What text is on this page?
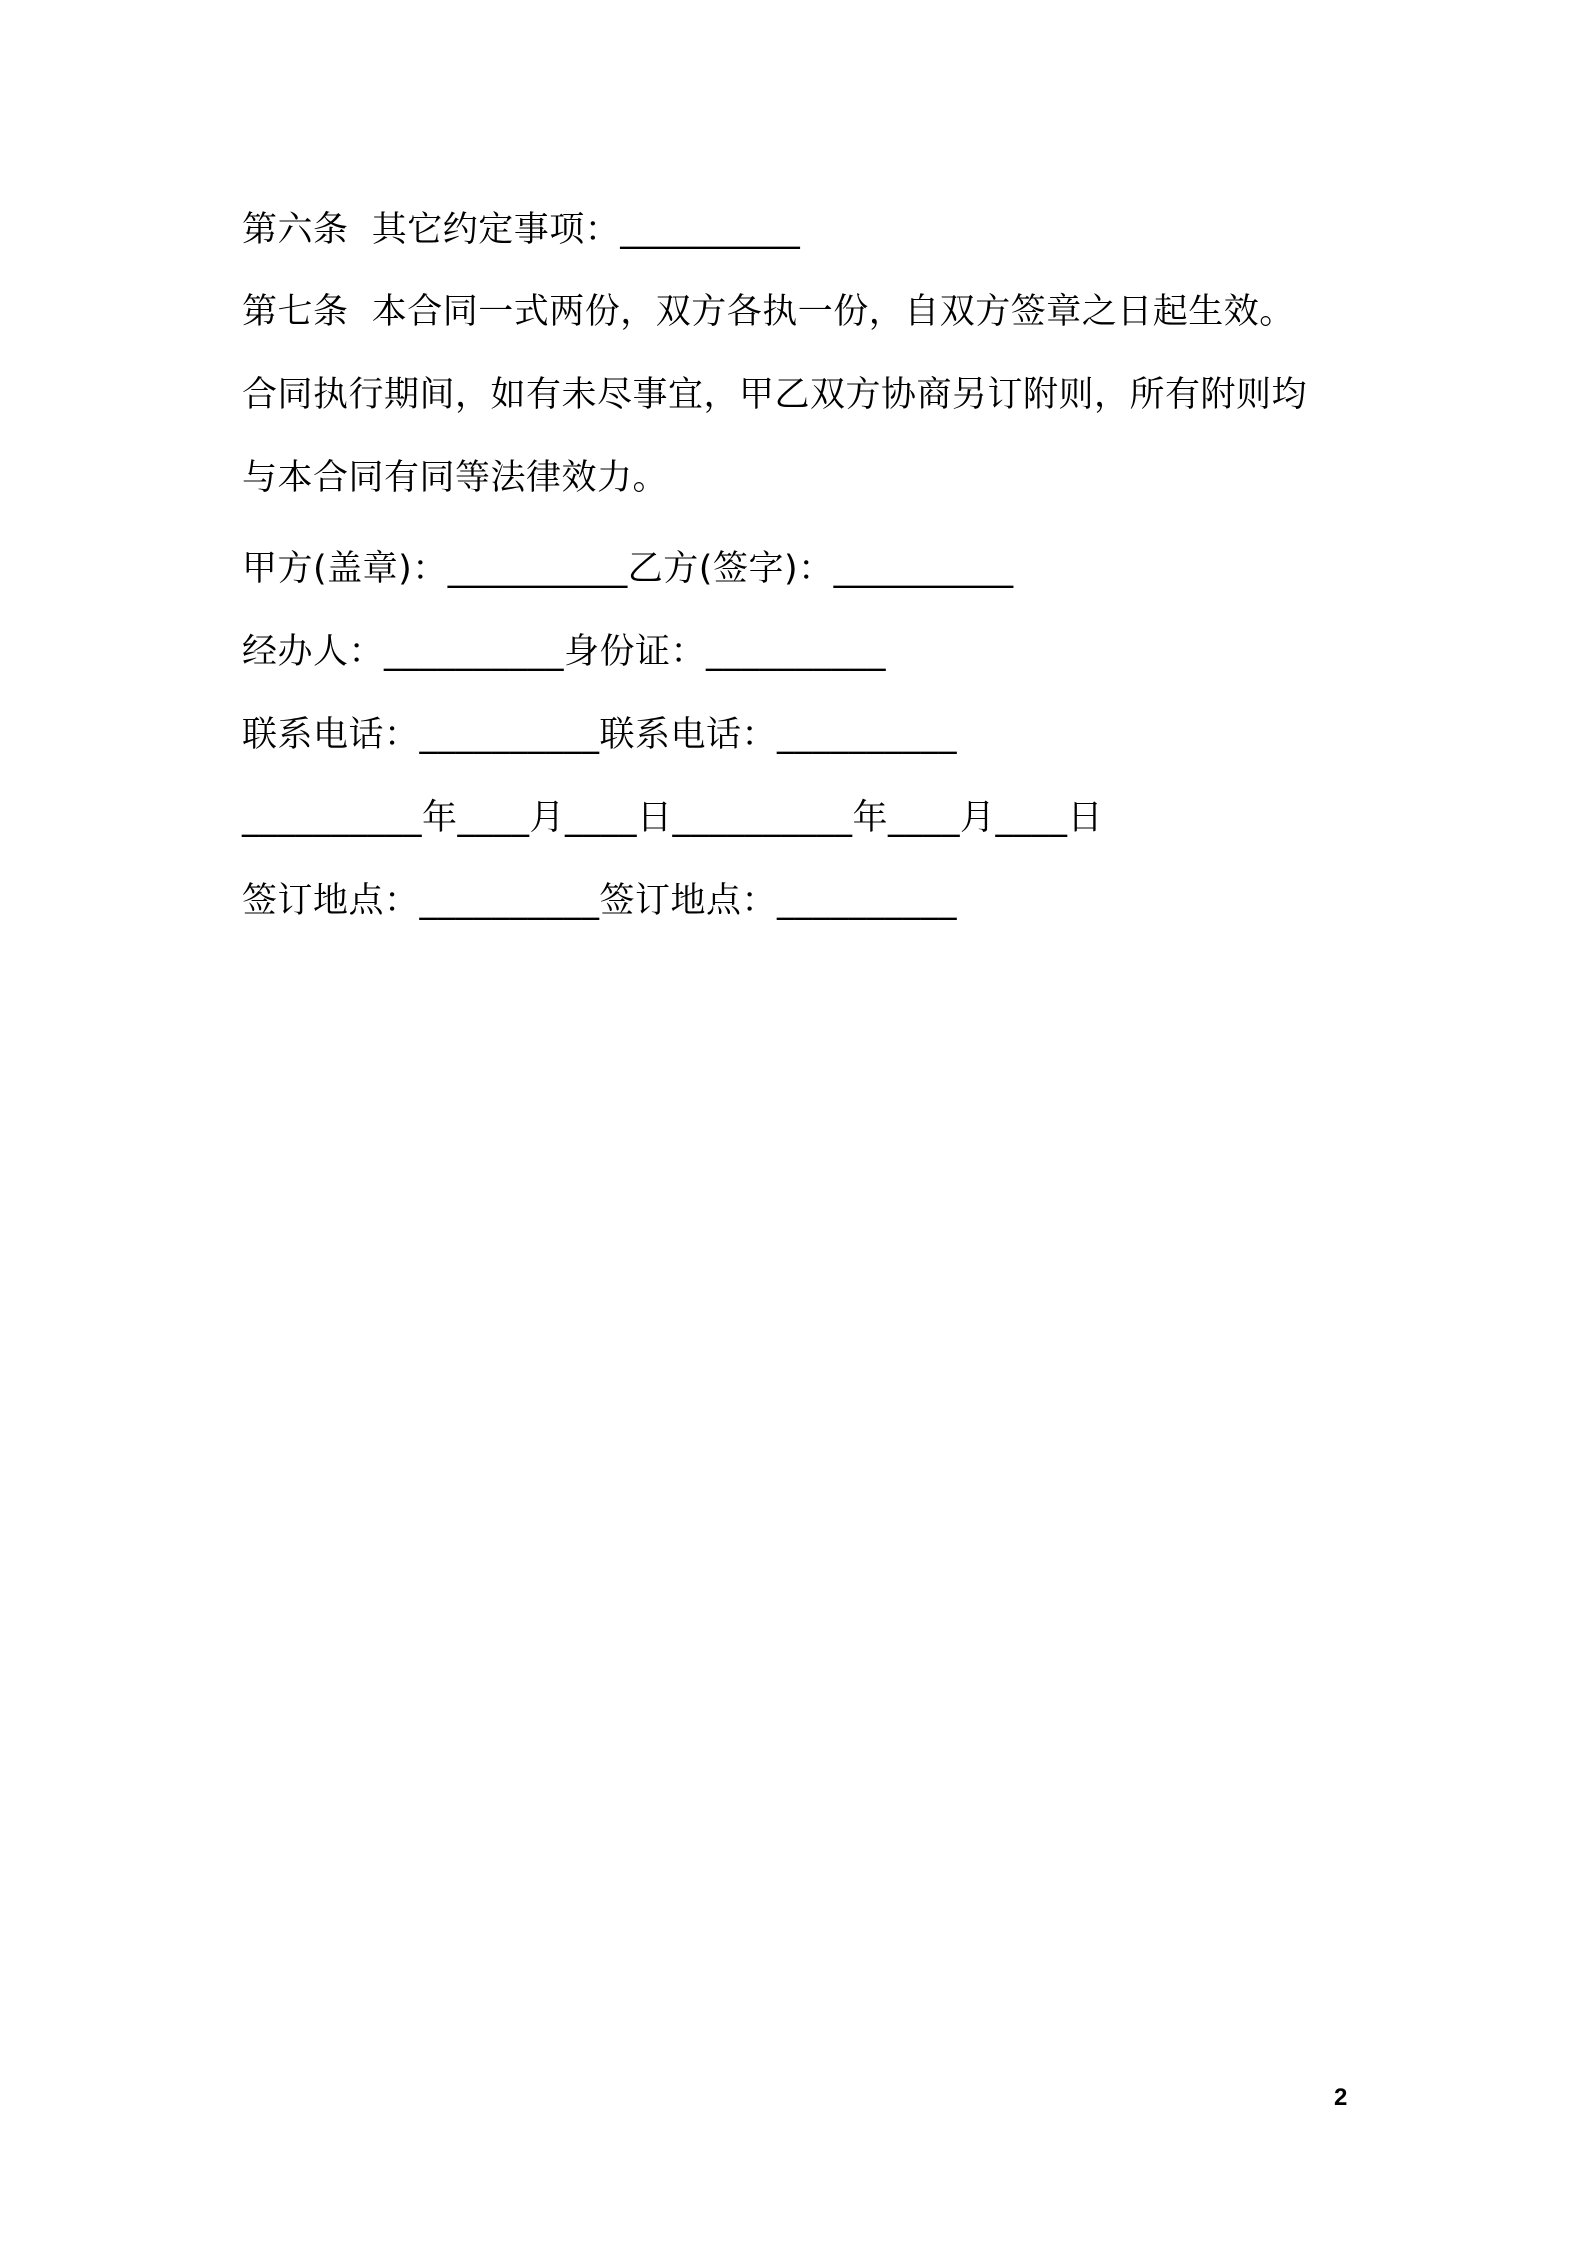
第六条  其它约定事项：__________
第七条  本合同一式两份，双方各执一份，自双方签章之日起生效。
合同执行期间，如有未尽事宜，甲乙双方协商另订附则，所有附则均
与本合同有同等法律效力。
甲方(盖章)：__________乙方(签字)：__________
经办人：__________身份证：__________
联系电话：__________联系电话：__________
__________年____月____日__________年____月____日
签订地点：__________签订地点：__________
2
